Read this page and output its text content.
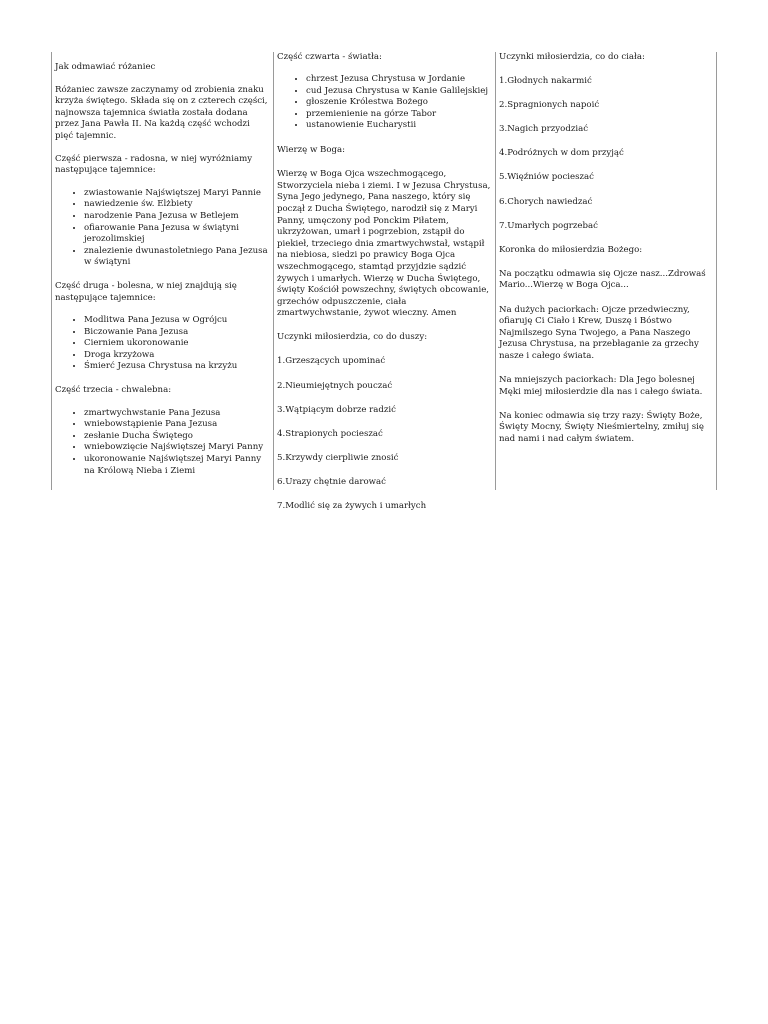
Jak odmawiać różaniec

Różaniec zawsze zaczynamy od zrobienia znaku krzyża świętego. Składa się on z czterech części, najnowsza tajemnica światła została dodana przez Jana Pawła II. Na każdą część wchodzi pięć tajemnic.

Część pierwsza - radosna, w niej wyróżniamy następujące tajemnice:

• zwiastowanie Najświętszej Maryi Pannie
• nawiedzenie św. Elżbiety
• narodzenie Pana Jezusa w Betlejem
• ofiarowanie Pana Jezusa w świątyni jerozolimskiej
• znalezienie dwunastoletniego Pana Jezusa w świątyni

Część druga - bolesna, w niej znajdują się następujące tajemnice:

• Modlitwa Pana Jezusa w Ogrójcu
• Biczowanie Pana Jezusa
• Cierniem ukoronowanie
• Droga krzyżowa
• Śmierć Jezusa Chrystusa na krzyżu

Część trzecia - chwalebna:

• zmartwychwstanie Pana Jezusa
• wniebowstąpienie Pana Jezusa
• zesłanie Ducha Świętego
• wniebowzięcie Najświętszej Maryi Panny
• ukoronowanie Najświętszej Maryi Panny na Królową Nieba i Ziemi

Część czwarta - światła:

• chrzest Jezusa Chrystusa w Jordanie
• cud Jezusa Chrystusa w Kanie Galilejskiej
• głoszenie Królestwa Bożego
• przemienienie na górze Tabor
• ustanowienie Eucharystii

Wierzę w Boga:

Wierzę w Boga Ojca wszechmogącego, Stworzyciela nieba i ziemi. I w Jezusa Chrystusa, Syna Jego jedynego, Pana naszego, który się począł z Ducha Świętego, narodził się z Maryi Panny, umęczony pod Ponckim Piłatem, ukrzyżowan, umarł i pogrzebion, zstąpił do piekieł, trzeciego dnia zmartwychwstał, wstąpił na niebiosa, siedzi po prawicy Boga Ojca wszechmogącego, stamtąd przyjdzie sądzić żywych i umarłych. Wierzę w Ducha Świętego, święty Kościół powszechny, świętych obcowanie, grzechów odpuszczenie, ciała zmartwychwstanie, żywot wieczny. Amen

Uczynki miłosierdzia, co do duszy:

1.Grzeszących upominać

2.Nieumiejętnych pouczać

3.Wątpiącym dobrze radzić

4.Strapionych pocieszać

5.Krzywdy cierpliwie znosić

6.Urazy chętnie darować

7.Modlić się za żywych i umarłych

Uczynki miłosierdzia, co do ciała:

1.Głodnych nakarmić

2.Spragnionych napoić

3.Nagich przyodziać

4.Podróżnych w dom przyjąć

5.Więźniów pocieszać

6.Chorych nawiedzać

7.Umarłych pogrzebać

Koronka do miłosierdzia Bożego:

Na początku odmawia się Ojcze nasz...Zdrowaś Mario...Wierzę w Boga Ojca...

Na dużych paciorkach: Ojcze przedwieczny, ofiaruję Ci Ciało i Krew, Duszę i Bóstwo Najmilszego Syna Twojego, a Pana Naszego Jezusa Chrystusa, na przebłaganie za grzechy nasze i całego świata.

Na mniejszych paciorkach: Dla Jego bolesnej Męki miej miłosierdzie dla nas i całego świata.

Na koniec odmawia się trzy razy: Święty Boże, Święty Mocny, Święty Nieśmiertelny, zmiłuj się nad nami i nad całym światem.
